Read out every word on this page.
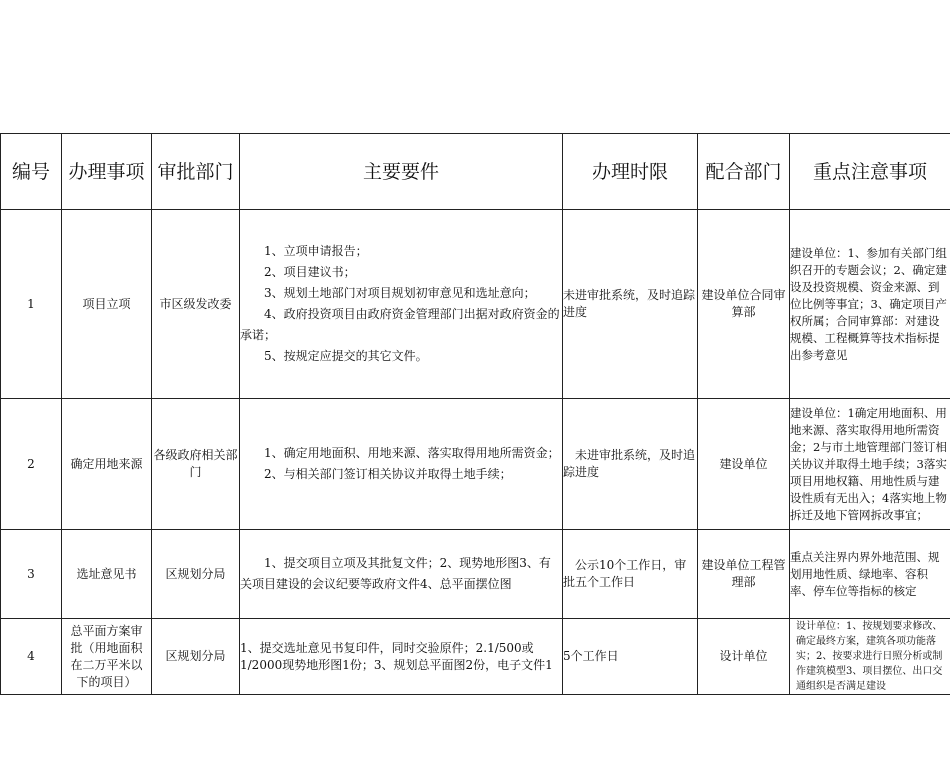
编号	办理事项	审批部门	主要要件	办理时限	配合部门	重点注意事项
1	项目立项	市区级发改委	1、立项申请报告；

2、项目建议书；

3、规划土地部门对项目规划初审意见和选址意向；

4、政府投资项目由政府资金管理部门出据对政府资金的承诺；

5、按规定应提交的其它文件。	未进审批系统，及时追踪进度	建设单位合同审算部	建设单位：1、参加有关部门组织召开的专题会议；2、确定建设及投资规模、资金来源、到位比例等事宜；3、确定项目产权所属；合同审算部：对建设规模、工程概算等技术指标提出参考意见
2	确定用地来源	各级政府相关部门	1、确定用地面积、用地来源、落实取得用地所需资金；

2、与相关部门签订相关协议并取得土地手续；	未进审批系统，及时追踪进度	建设单位	建设单位：1确定用地面积、用地来源、落实取得用地所需资金；2与市土地管理部门签订相关协议并取得土地手续；3落实项目用地权籍、用地性质与建设性质有无出入；4落实地上物拆迁及地下管网拆改事宜；
3	选址意见书	区规划分局	1、提交项目立项及其批复文件；2、现势地形图3、有关项目建设的会议纪要等政府文件4、总平面摆位图	公示10个工作日，审批五个工作日	建设单位工程管理部	重点关注界内界外地范围、规划用地性质、绿地率、容积率、停车位等指标的核定
4	总平面方案审批（用地面积在二万平米以下的项目）	区规划分局	1、提交选址意见书复印件，同时交验原件；2.1/500或1/2000现势地形图1份；3、规划总平面图2份，电子文件1	5个工作日	设计单位	设计单位：1、按规划要求修改、确定最终方案，建筑各项功能落实；2、按要求进行日照分析或制作建筑模型3、项目摆位、出口交通组织是否满足建设
